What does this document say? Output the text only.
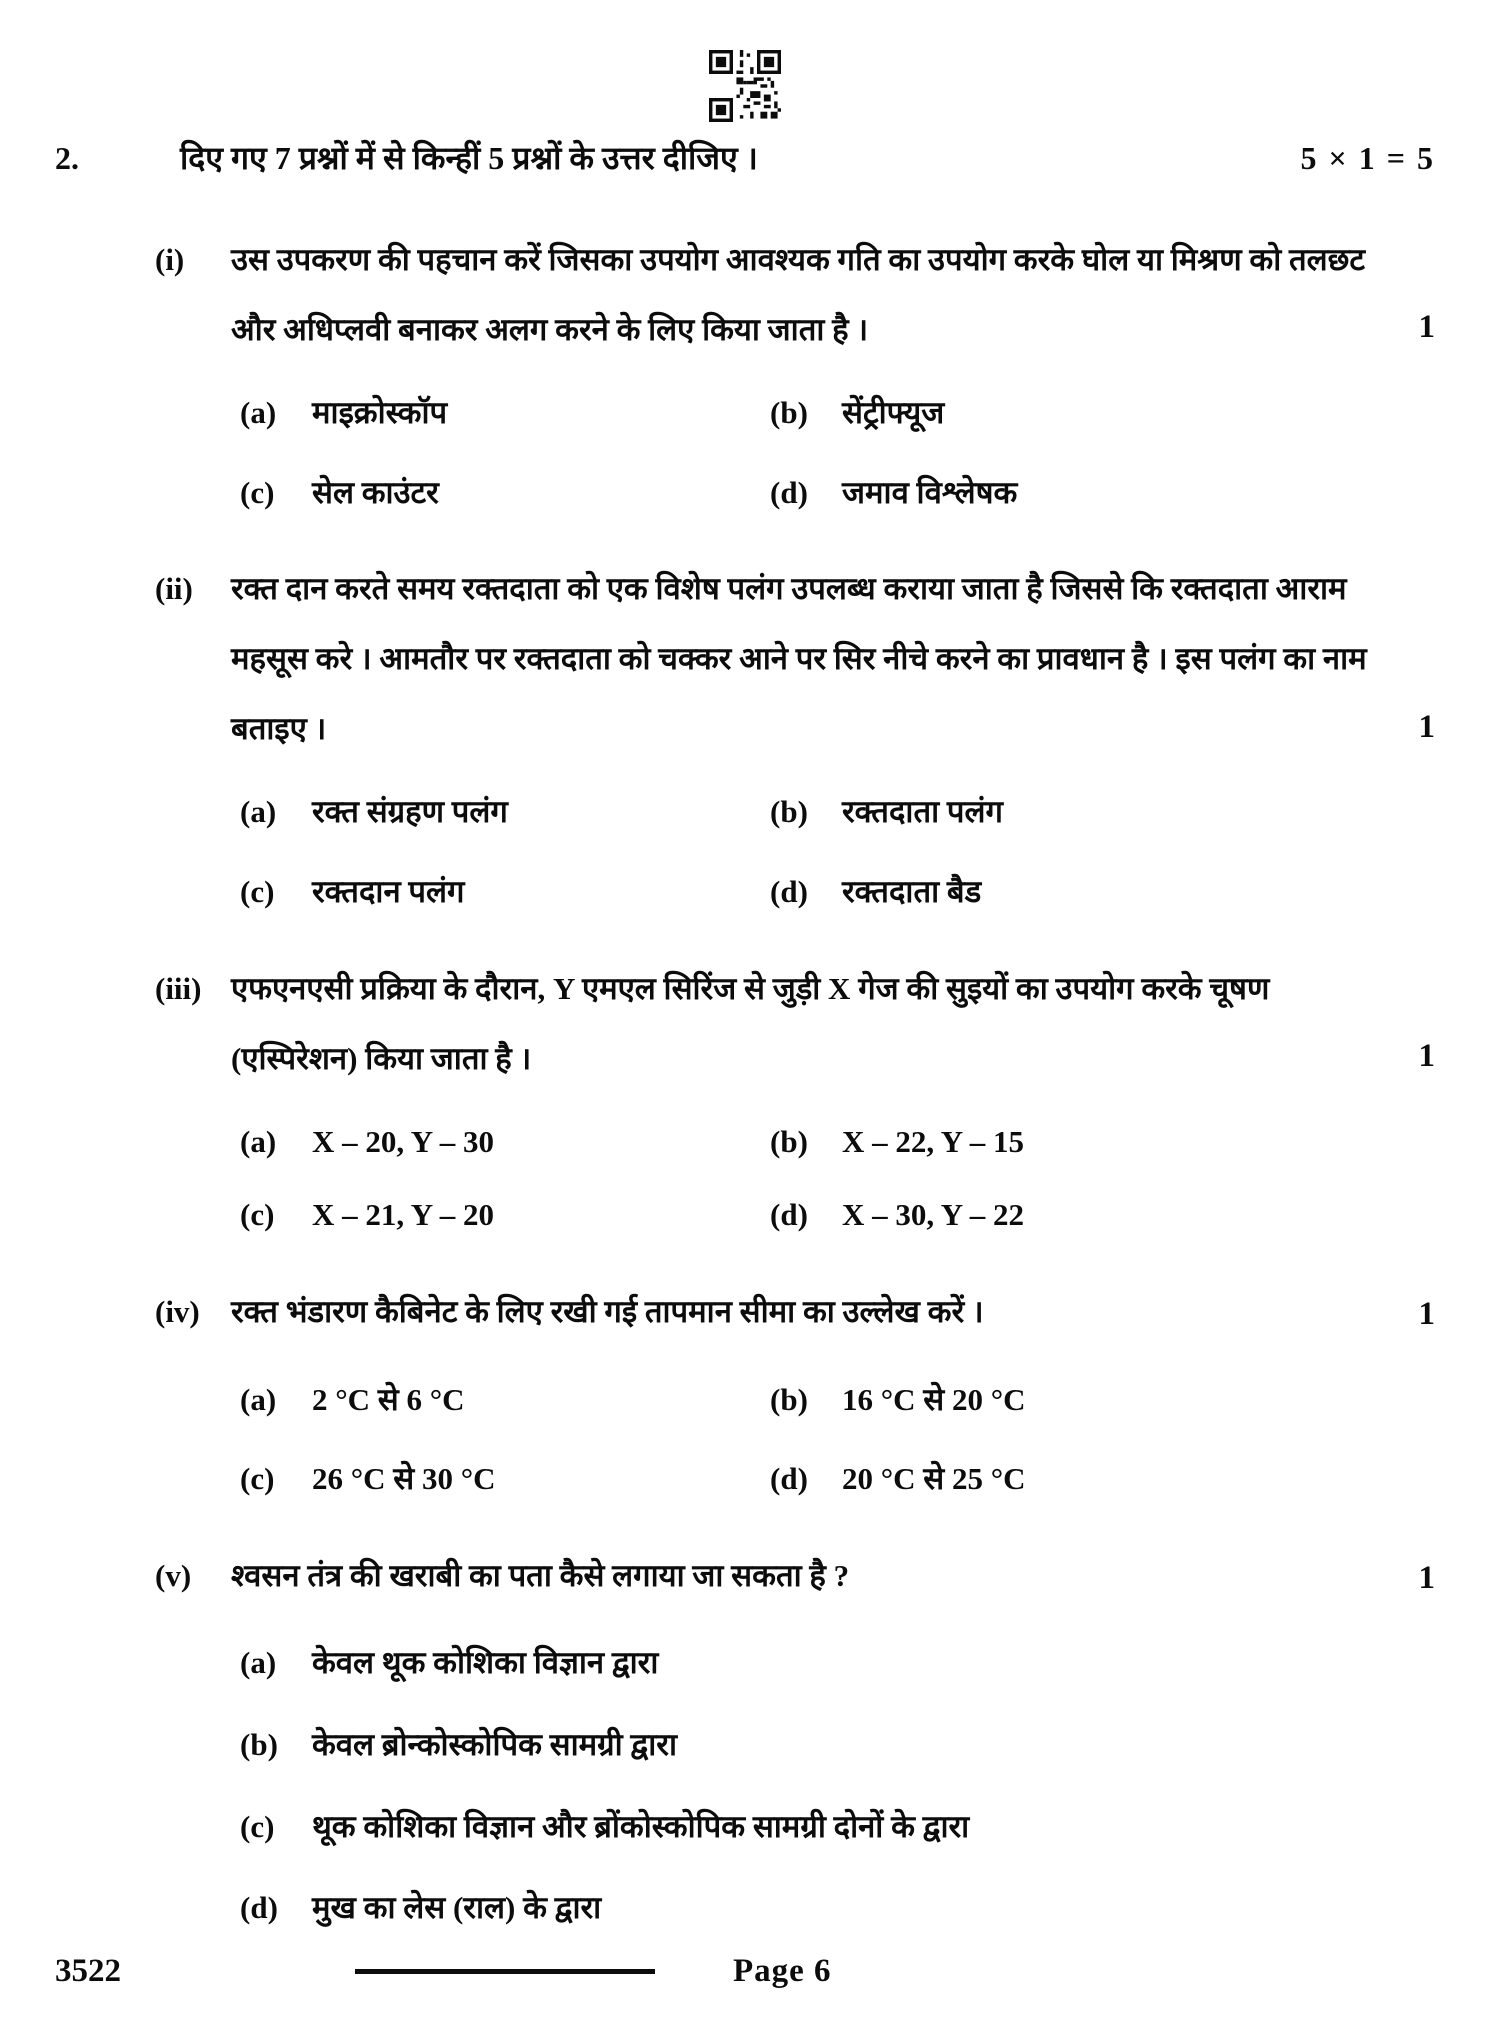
2.	दिए गए 7 प्रश्नों में से किन्हीं 5 प्रश्नों के उत्तर दीजिए ।	5 × 1 = 5
(i)	उस उपकरण की पहचान करें जिसका उपयोग आवश्यक गति का उपयोग करके घोल या मिश्रण को तलछट और अधिप्लवी बनाकर अलग करने के लिए किया जाता है ।	1
(a)	माइक्रोस्कॉप	(b)	सेंट्रीफ्यूज
(c)	सेल काउंटर	(d)	जमाव विश्लेषक
(ii)	रक्त दान करते समय रक्तदाता को एक विशेष पलंग उपलब्ध कराया जाता है जिससे कि रक्तदाता आराम महसूस करे । आमतौर पर रक्तदाता को चक्कर आने पर सिर नीचे करने का प्रावधान है । इस पलंग का नाम बताइए ।	1
(a)	रक्त संग्रहण पलंग	(b)	रक्तदाता पलंग
(c)	रक्तदान पलंग	(d)	रक्तदाता बैड
(iii) एफएनएसी प्रक्रिया के दौरान, Y एमएल सिरिंज से जुड़ी X गेज की सुइयों का उपयोग करके चूषण (एस्पिरेशन) किया जाता है ।	1
(a)	X – 20, Y – 30	(b)	X – 22, Y – 15
(c)	X – 21, Y – 20	(d)	X – 30, Y – 22
(iv)	रक्त भंडारण कैबिनेट के लिए रखी गई तापमान सीमा का उल्लेख करें ।	1
(a)	2 °C से 6 °C	(b)	16 °C से 20 °C
(c)	26 °C से 30 °C	(d)	20 °C से 25 °C
(v)	श्वसन तंत्र की खराबी का पता कैसे लगाया जा सकता है ?	1
(a)	केवल थूक कोशिका विज्ञान द्वारा
(b)	केवल ब्रोन्कोस्कोपिक सामग्री द्वारा
(c)	थूक कोशिका विज्ञान और ब्रोंकोस्कोपिक सामग्री दोनों के द्वारा
(d)	मुख का लेस (राल) के द्वारा
3522	Page 6
